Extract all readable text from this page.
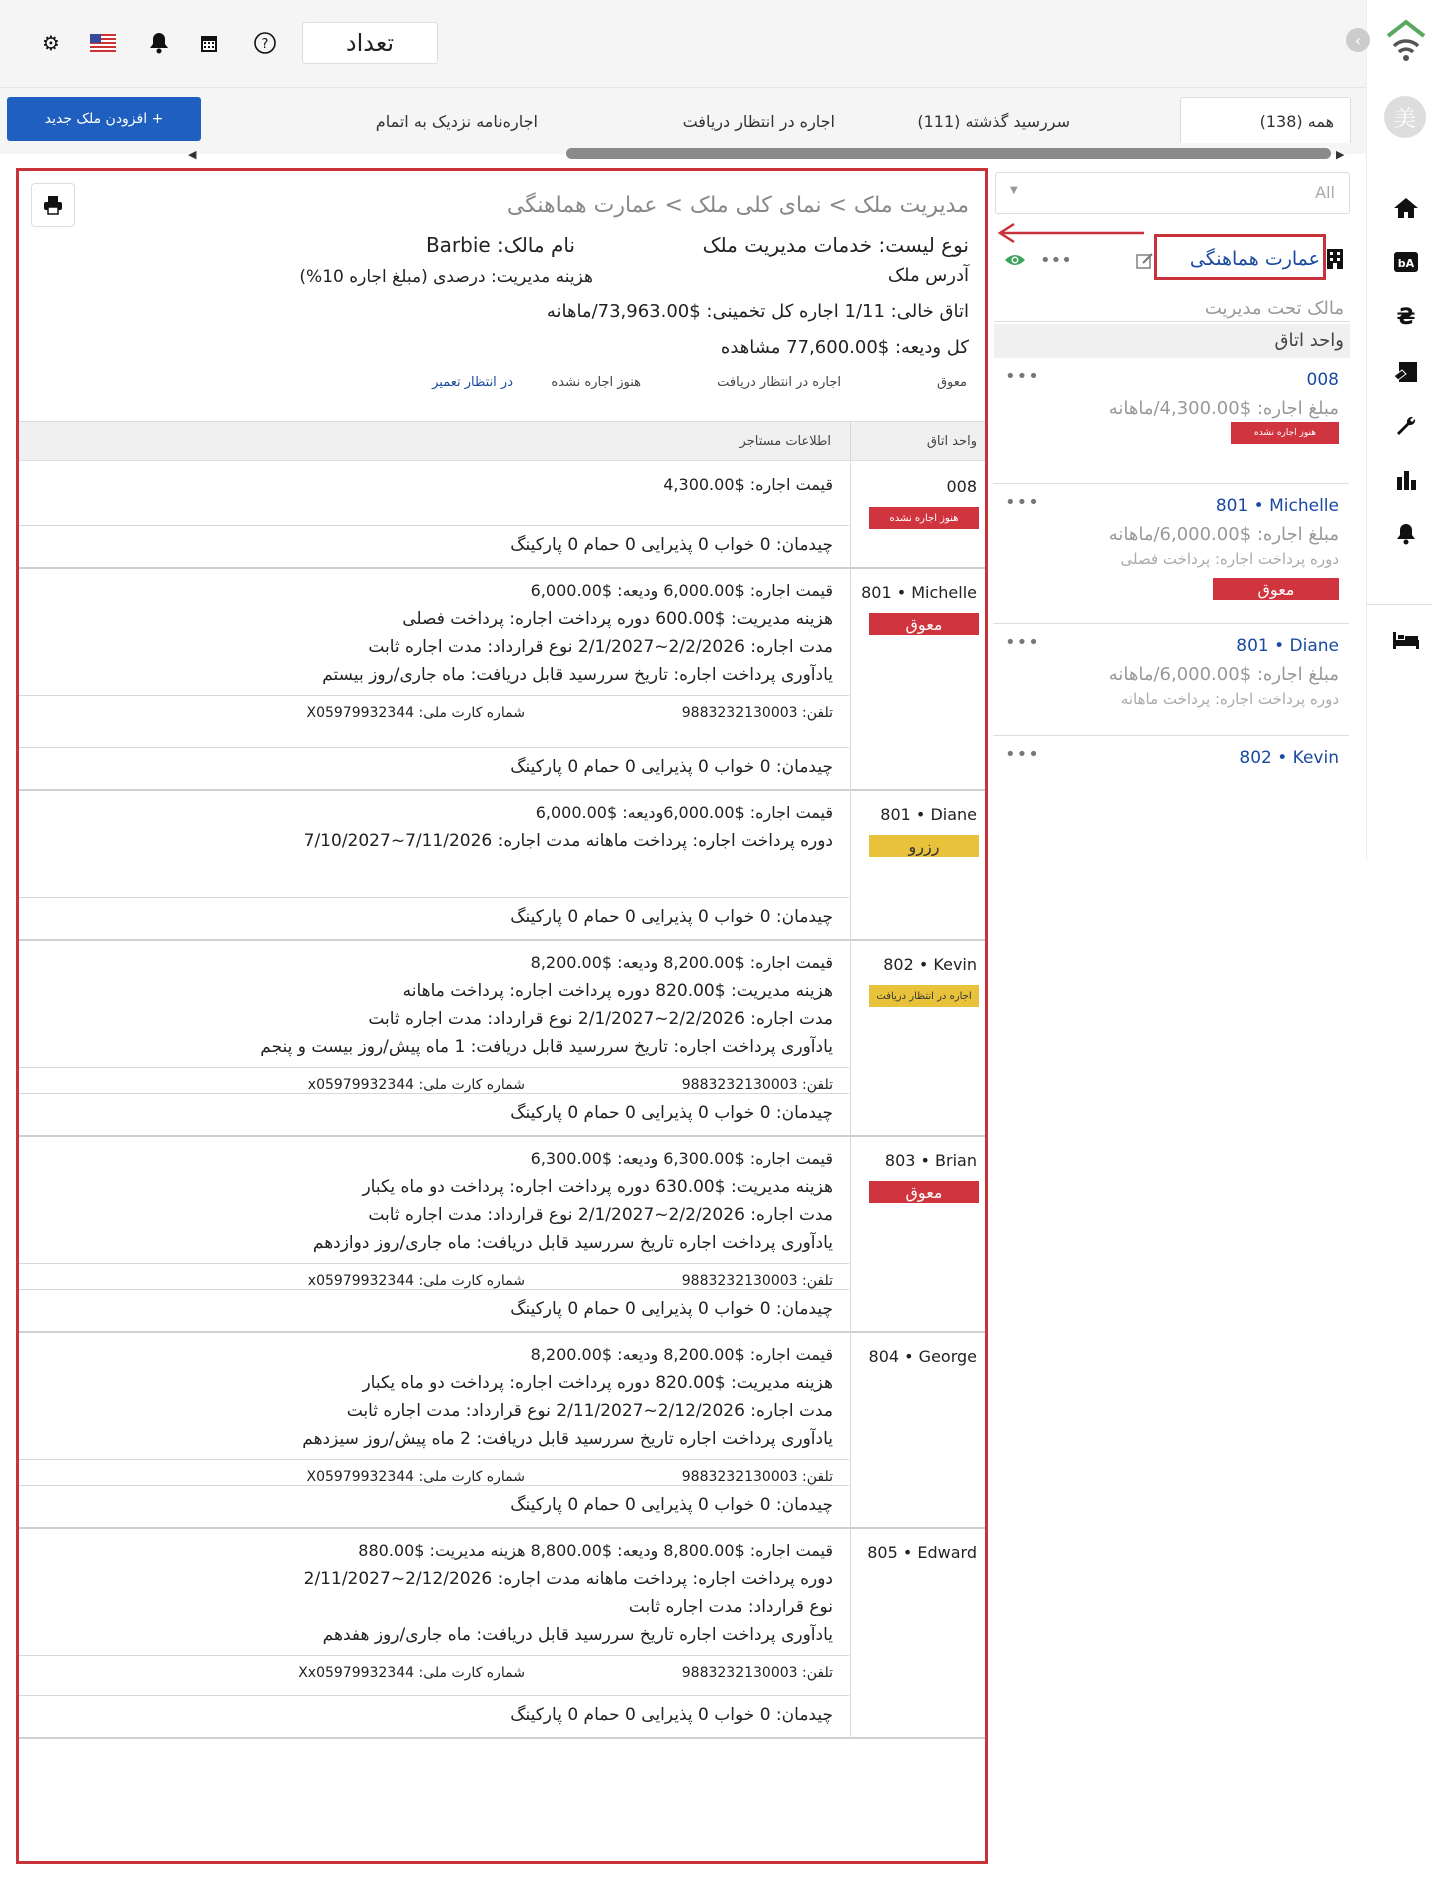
⚙	?	تعداد	‹
美
bA
₴
+ افزودن ملک جدید	همه (138)
سررسید گذشته (111)
اجاره در انتظار دریافت
اجاره‌نامه نزدیک به اتمام
◀	▶
All
▼
عمارت هماهنگی
•••
مالک تحت مدیریت
واحد اتاق
•••	008
مبلغ اجاره: $4,300.00/ماهانه
هنوز اجاره نشده
•••	801 • Michelle
مبلغ اجاره: $6,000.00/ماهانه
دوره پرداخت اجاره: پرداخت فصلی
معوق
•••	801 • Diane
مبلغ اجاره: $6,000.00/ماهانه
دوره پرداخت اجاره: پرداخت ماهانه
•••	802 • Kevin
مدیریت ملک > نمای کلی ملک > عمارت هماهنگی
نوع لیست: خدمات مدیریت ملک
نام مالک: Barbie
آدرس ملک
هزینه مدیریت: درصدی (مبلغ اجاره 10%)
اتاق خالی: 1/11 اجاره کل تخمینی: $73,963.00/ماهانه
کل ودیعه: $77,600.00 مشاهده
معوق
اجاره در انتظار دریافت
هنوز اجاره نشده
در انتظار تعمیر
واحد اتاق
اطلاعات مستاجر
008
هنوز اجاره نشده
قیمت اجاره: $4,300.00
چیدمان: 0 خواب 0 پذیرایی 0 حمام 0 پارکینگ
801 • Michelle
معوق
قیمت اجاره: $6,000.00 ودیعه: $6,000.00
هزینه مدیریت: $600.00 دوره پرداخت اجاره: پرداخت فصلی
مدت اجاره: 2/2/2026~2/1/2027 نوع قرارداد: مدت اجاره ثابت
یادآوری پرداخت اجاره: تاریخ سررسید قابل دریافت: ماه جاری/روز بیستم
تلفن: 9883232130003
شماره کارت ملی: X05979932344
چیدمان: 0 خواب 0 پذیرایی 0 حمام 0 پارکینگ
801 • Diane
رزرو
قیمت اجاره: $6,000.00ودیعه: $6,000.00
دوره پرداخت اجاره: پرداخت ماهانه مدت اجاره: 7/11/2026~7/10/2027
چیدمان: 0 خواب 0 پذیرایی 0 حمام 0 پارکینگ
802 • Kevin
اجاره در انتظار دریافت
قیمت اجاره: $8,200.00 ودیعه: $8,200.00
هزینه مدیریت: $820.00 دوره پرداخت اجاره: پرداخت ماهانه
مدت اجاره: 2/2/2026~2/1/2027 نوع قرارداد: مدت اجاره ثابت
یادآوری پرداخت اجاره: تاریخ سررسید قابل دریافت: 1 ماه پیش/روز بیست و پنجم
تلفن: 9883232130003
شماره کارت ملی: x05979932344
چیدمان: 0 خواب 0 پذیرایی 0 حمام 0 پارکینگ
803 • Brian
معوق
قیمت اجاره: $6,300.00 ودیعه: $6,300.00
هزینه مدیریت: $630.00 دوره پرداخت اجاره: پرداخت دو ماه یکبار
مدت اجاره: 2/2/2026~2/1/2027 نوع قرارداد: مدت اجاره ثابت
یادآوری پرداخت اجاره تاریخ سررسید قابل دریافت: ماه جاری/روز دوازدهم
تلفن: 9883232130003
شماره کارت ملی: x05979932344
چیدمان: 0 خواب 0 پذیرایی 0 حمام 0 پارکینگ
804 • George
قیمت اجاره: $8,200.00 ودیعه: $8,200.00
هزینه مدیریت: $820.00 دوره پرداخت اجاره: پرداخت دو ماه یکبار
مدت اجاره: 2/12/2026~2/11/2027 نوع قرارداد: مدت اجاره ثابت
یادآوری پرداخت اجاره تاریخ سررسید قابل دریافت: 2 ماه پیش/روز سیزدهم
تلفن: 9883232130003
شماره کارت ملی: X05979932344
چیدمان: 0 خواب 0 پذیرایی 0 حمام 0 پارکینگ
805 • Edward
قیمت اجاره: $8,800.00 ودیعه: $8,800.00 هزینه مدیریت: $880.00
دوره پرداخت اجاره: پرداخت ماهانه مدت اجاره: 2/12/2026~2/11/2027
نوع قرارداد: مدت اجاره ثابت
یادآوری پرداخت اجاره تاریخ سررسید قابل دریافت: ماه جاری/روز هفدهم
تلفن: 9883232130003
شماره کارت ملی: Xx05979932344
چیدمان: 0 خواب 0 پذیرایی 0 حمام 0 پارکینگ
